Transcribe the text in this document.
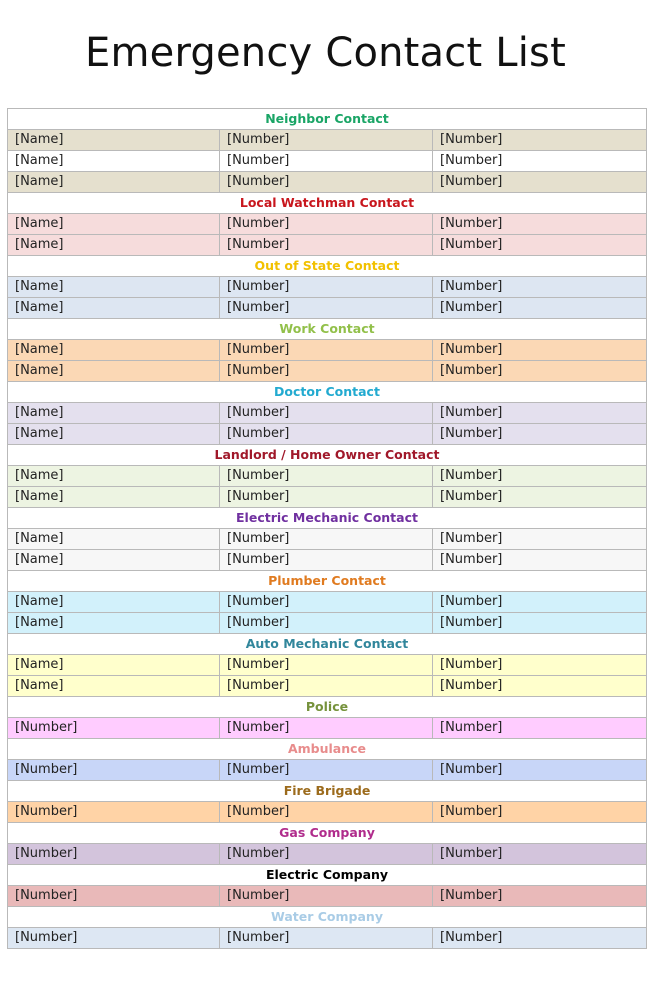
Emergency Contact List
Neighbor Contact
[Name]	[Number]	[Number]
[Name]	[Number]	[Number]
[Name]	[Number]	[Number]
Local Watchman Contact
[Name]	[Number]	[Number]
[Name]	[Number]	[Number]
Out of State Contact
[Name]	[Number]	[Number]
[Name]	[Number]	[Number]
Work Contact
[Name]	[Number]	[Number]
[Name]	[Number]	[Number]
Doctor Contact
[Name]	[Number]	[Number]
[Name]	[Number]	[Number]
Landlord / Home Owner Contact
[Name]	[Number]	[Number]
[Name]	[Number]	[Number]
Electric Mechanic Contact
[Name]	[Number]	[Number]
[Name]	[Number]	[Number]
Plumber Contact
[Name]	[Number]	[Number]
[Name]	[Number]	[Number]
Auto Mechanic Contact
[Name]	[Number]	[Number]
[Name]	[Number]	[Number]
Police
[Number]	[Number]	[Number]
Ambulance
[Number]	[Number]	[Number]
Fire Brigade
[Number]	[Number]	[Number]
Gas Company
[Number]	[Number]	[Number]
Electric Company
[Number]	[Number]	[Number]
Water Company
[Number]	[Number]	[Number]
